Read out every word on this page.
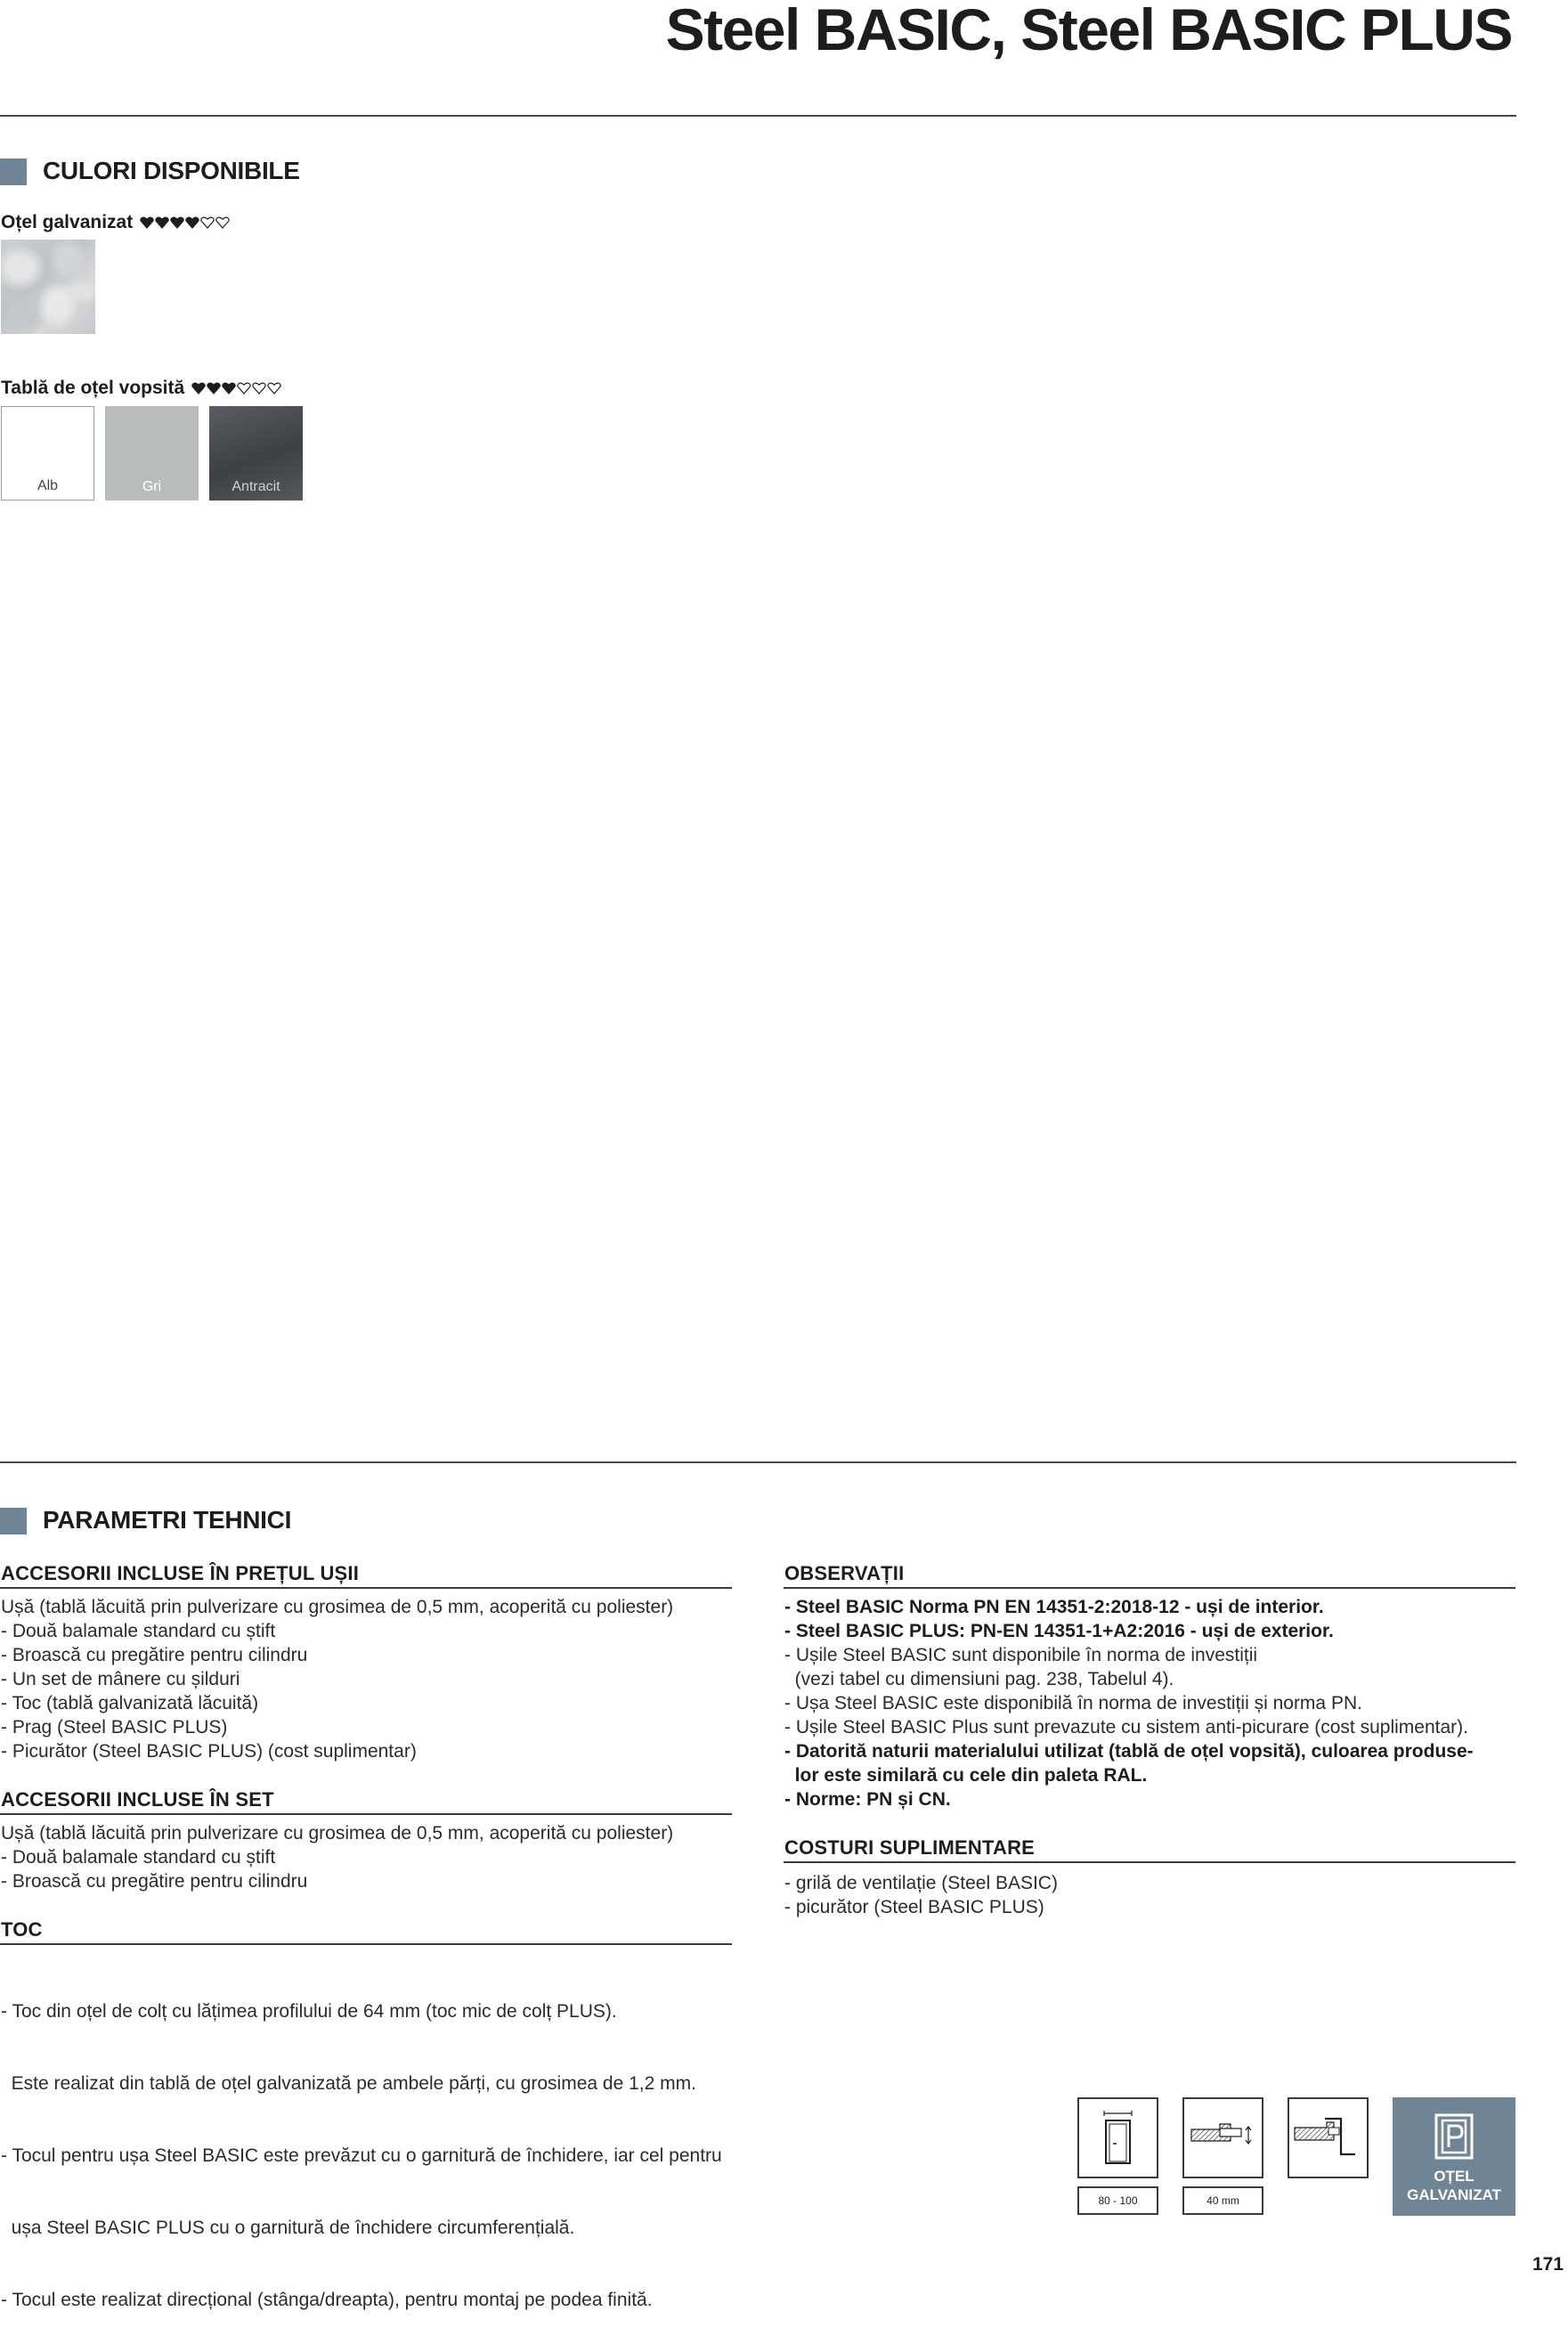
Steel BASIC, Steel BASIC PLUS
CULORI DISPONIBILE
Oțel galvanizat
Tablă de oțel vopsită
Alb	Gri	Antracit
PARAMETRI TEHNICI
ACCESORII INCLUSE ÎN PREȚUL UȘII
Ușă (tablă lăcuită prin pulverizare cu grosimea de 0,5 mm, acoperită cu poliester)
- Două balamale standard cu știft
- Broască cu pregătire pentru cilindru
- Un set de mânere cu șilduri
- Toc (tablă galvanizată lăcuită)
- Prag (Steel BASIC PLUS)
- Picurător (Steel BASIC PLUS) (cost suplimentar)
ACCESORII INCLUSE ÎN SET
Ușă (tablă lăcuită prin pulverizare cu grosimea de 0,5 mm, acoperită cu poliester)
- Două balamale standard cu știft
- Broască cu pregătire pentru cilindru
TOC

- Toc din oțel de colț cu lățimea profilului de 64 mm (toc mic de colț PLUS).

Este realizat din tablă de oțel galvanizată pe ambele părți, cu grosimea de 1,2 mm.

- Tocul pentru ușa Steel BASIC este prevăzut cu o garnitură de închidere, iar cel pentru

ușa Steel BASIC PLUS cu o garnitură de închidere circumferențială.

- Tocul este realizat direcțional (stânga/dreapta), pentru montaj pe podea finită.

OBSERVAȚII
- Steel BASIC Norma PN EN 14351-2:2018-12 - uși de interior.
- Steel BASIC PLUS: PN-EN 14351-1+A2:2016 - uși de exterior.
- Ușile Steel BASIC sunt disponibile în norma de investiții
(vezi tabel cu dimensiuni pag. 238, Tabelul 4).
- Ușa Steel BASIC este disponibilă în norma de investiții și norma PN.
- Ușile Steel BASIC Plus sunt prevazute cu sistem anti-picurare (cost suplimentar).
- Datorită naturii materialului utilizat (tablă de oțel vopsită), culoarea produse-
lor este similară cu cele din paleta RAL.
- Norme: PN și CN.
COSTURI SUPLIMENTARE
- grilă de ventilație (Steel BASIC)
- picurător (Steel BASIC PLUS)
80 - 100	40 mm
OȚEL
GALVANIZAT
171
